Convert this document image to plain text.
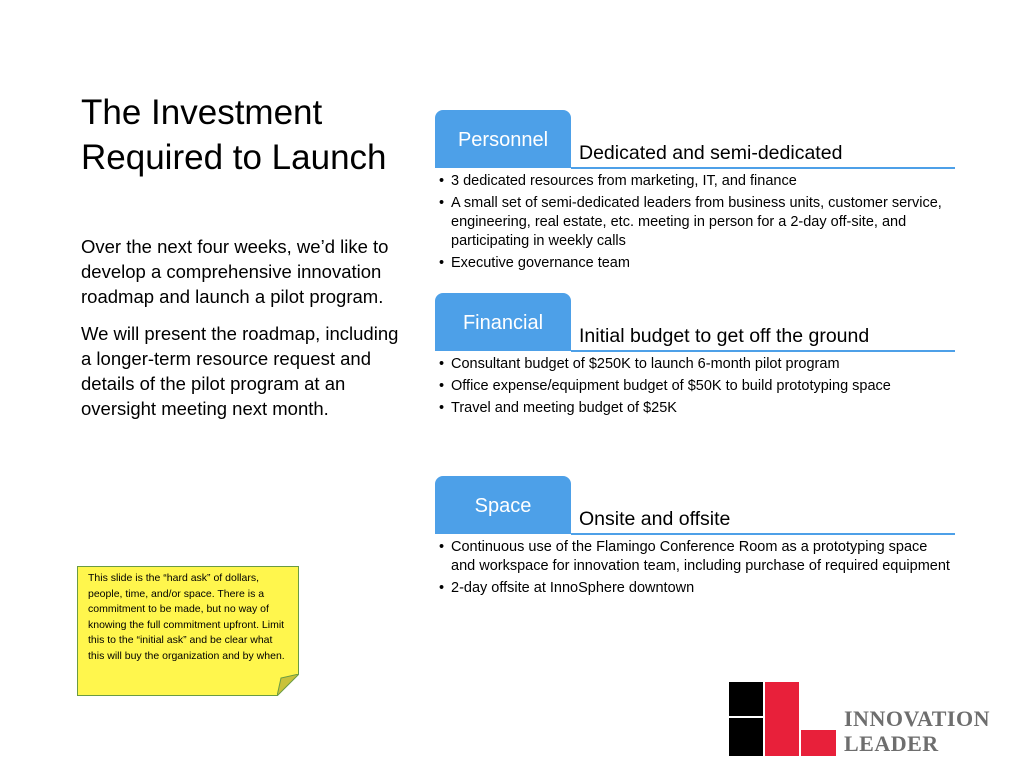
The Investment Required to Launch

Over the next four weeks, we’d like to develop a comprehensive innovation roadmap and launch a pilot program.

We will present the roadmap, including a longer-term resource request and details of the pilot program at an oversight meeting next month.

Personnel
Dedicated and semi-dedicated
• 3 dedicated resources from marketing, IT, and finance
• A small set of semi-dedicated leaders from business units, customer service, engineering, real estate, etc. meeting in person for a 2-day off-site, and participating in weekly calls
• Executive governance team
Financial
Initial budget to get off the ground
• Consultant budget of $250K to launch 6-month pilot program
• Office expense/equipment budget of $50K to build prototyping space
• Travel and meeting budget of $25K
Space
Onsite and offsite
• Continuous use of the Flamingo Conference Room as a prototyping space and workspace for innovation team, including purchase of required equipment
• 2-day offsite at InnoSphere downtown
This slide is the “hard ask” of dollars, people, time, and/or space. There is a commitment to be made, but no way of knowing the full commitment upfront. Limit this to the “initial ask” and be clear what this will buy the organization and by when.
INNOVATION
LEADER
